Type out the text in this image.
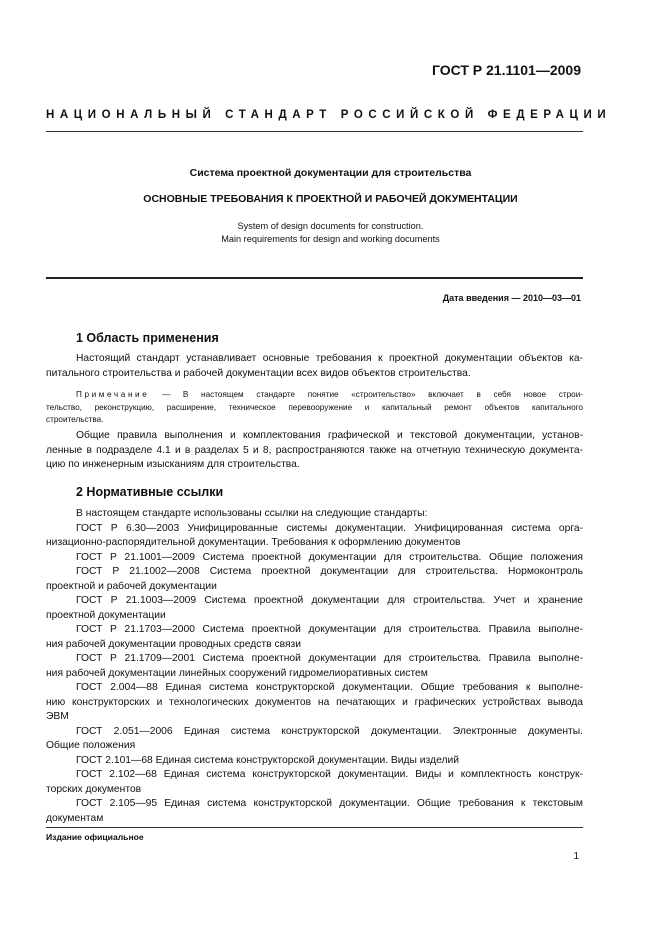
ГОСТ Р 21.1101—2009
НАЦИОНАЛЬНЫЙ СТАНДАРТ РОССИЙСКОЙ ФЕДЕРАЦИИ
Система проектной документации для строительства
ОСНОВНЫЕ ТРЕБОВАНИЯ К ПРОЕКТНОЙ И РАБОЧЕЙ ДОКУМЕНТАЦИИ
System of design documents for construction.
Main requirements for design and working documents
Дата введения — 2010—03—01
1 Область применения
Настоящий стандарт устанавливает основные требования к проектной документации объектов ка-
питального строительства и рабочей документации всех видов объектов строительства.
Примечание — В настоящем стандарте понятие «строительство» включает в себя новое строи-
тельство, реконструкцию, расширение, техническое перевооружение и капитальный ремонт объектов капитального
строительства.
Общие правила выполнения и комплектования графической и текстовой документации, установ-
ленные в подразделе 4.1 и в разделах 5 и 8, распространяются также на отчетную техническую документа-
цию по инженерным изысканиям для строительства.
2 Нормативные ссылки
В настоящем стандарте использованы ссылки на следующие стандарты:
ГОСТ Р 6.30—2003 Унифицированные системы документации. Унифицированная система орга-
низационно-распорядительной документации. Требования к оформлению документов
ГОСТ Р 21.1001—2009 Система проектной документации для строительства. Общие положения
ГОСТ Р 21.1002—2008 Система проектной документации для строительства. Нормоконтроль
проектной и рабочей документации
ГОСТ Р 21.1003—2009 Система проектной документации для строительства. Учет и хранение
проектной документации
ГОСТ Р 21.1703—2000 Система проектной документации для строительства. Правила выполне-
ния рабочей документации проводных средств связи
ГОСТ Р 21.1709—2001 Система проектной документации для строительства. Правила выполне-
ния рабочей документации линейных сооружений гидромелиоративных систем
ГОСТ 2.004—88 Единая система конструкторской документации. Общие требования к выполне-
нию конструкторских и технологических документов на печатающих и графических устройствах вывода
ЭВМ
ГОСТ 2.051—2006 Единая система конструкторской документации. Электронные документы.
Общие положения
ГОСТ 2.101—68 Единая система конструкторской документации. Виды изделий
ГОСТ 2.102—68 Единая система конструкторской документации. Виды и комплектность конструк-
торских документов
ГОСТ 2.105—95 Единая система конструкторской документации. Общие требования к текстовым
документам
Издание официальное
1
